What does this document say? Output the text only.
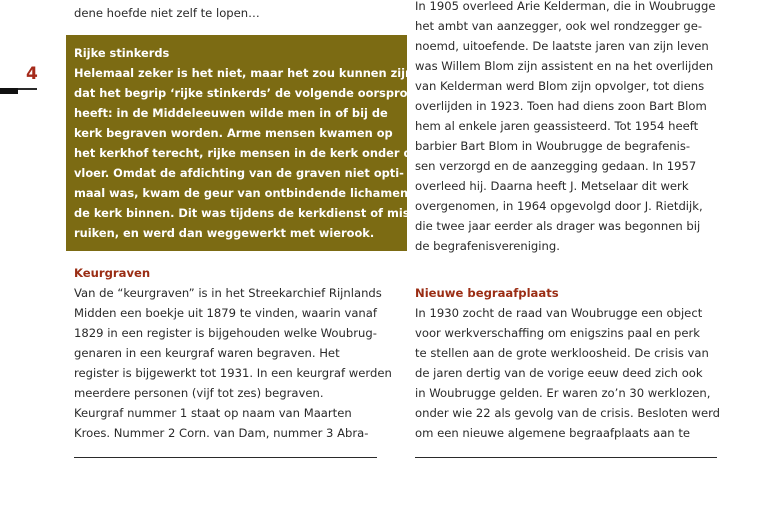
4
dene hoefde niet zelf te lopen…
Rijke stinkerds
Helemaal zeker is het niet, maar het zou kunnen zijn
dat het begrip ‘rijke stinkerds’ de volgende oorsprong
heeft: in de Middeleeuwen wilde men in of bij de
kerk begraven worden. Arme mensen kwamen op
het kerkhof terecht, rijke mensen in de kerk onder de
vloer. Omdat de afdichting van de graven niet opti-
maal was, kwam de geur van ontbindende lichamen
de kerk binnen. Dit was tijdens de kerkdienst of mis te
ruiken, en werd dan weggewerkt met wierook.
Keurgraven
Van de “keurgraven” is in het Streekarchief Rijnlands
Midden een boekje uit 1879 te vinden, waarin vanaf
1829 in een register is bijgehouden welke Woubrug-
genaren in een keurgraf waren begraven. Het
register is bijgewerkt tot 1931. In een keurgraf werden
meerdere personen (vijf tot zes) begraven.
Keurgraf nummer 1 staat op naam van Maarten
Kroes. Nummer 2 Corn. van Dam, nummer 3 Abra-
In 1905 overleed Arie Kelderman, die in Woubrugge
het ambt van aanzegger, ook wel rondzegger ge-
noemd, uitoefende. De laatste jaren van zijn leven
was Willem Blom zijn assistent en na het overlijden
van Kelderman werd Blom zijn opvolger, tot diens
overlijden in 1923. Toen had diens zoon Bart Blom
hem al enkele jaren geassisteerd. Tot 1954 heeft
barbier Bart Blom in Woubrugge de begrafenis-
sen verzorgd en de aanzegging gedaan. In 1957
overleed hij. Daarna heeft J. Metselaar dit werk
overgenomen, in 1964 opgevolgd door J. Rietdijk,
die twee jaar eerder als drager was begonnen bij
de begrafenisvereniging.
Nieuwe begraafplaats
In 1930 zocht de raad van Woubrugge een object
voor werkverschaffing om enigszins paal en perk
te stellen aan de grote werkloosheid. De crisis van
de jaren dertig van de vorige eeuw deed zich ook
in Woubrugge gelden. Er waren zo’n 30 werklozen,
onder wie 22 als gevolg van de crisis. Besloten werd
om een nieuwe algemene begraafplaats aan te
